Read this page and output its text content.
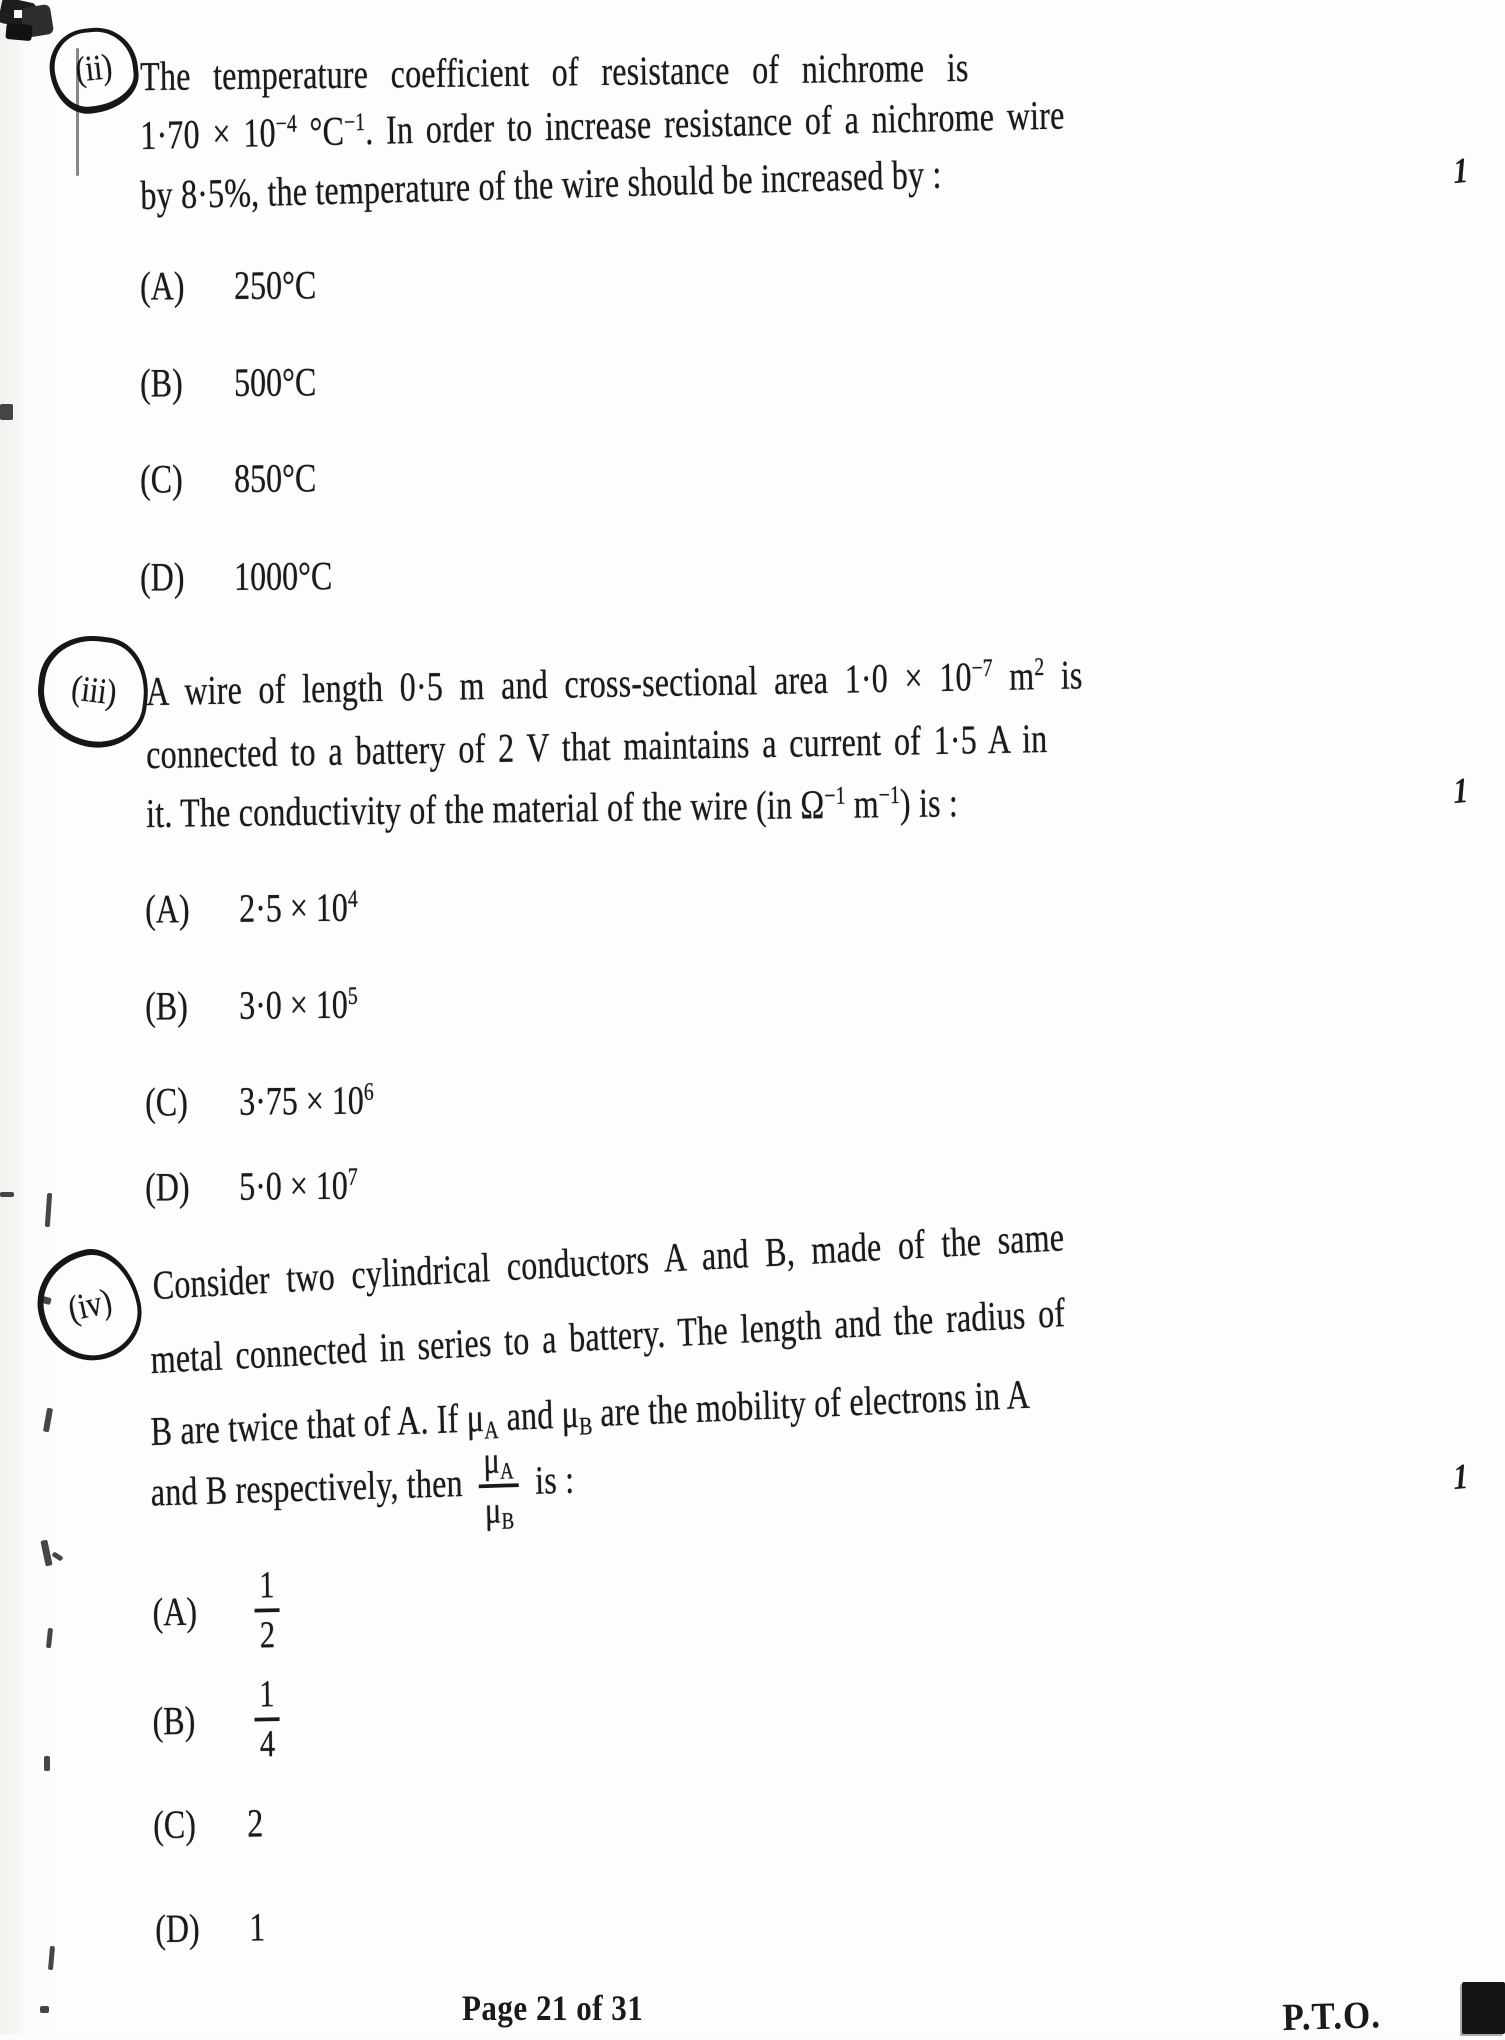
(ii) The temperature coefficient of resistance of nichrome is
$1\cdot 70 \times 10^{-4}$ $^\circ C^{-1}$. In order to increase resistance of a nichrome wire
by 8·5%, the temperature of the wire should be increased by :	1
(A) 250°C
(B) 500°C
(C) 850°C
(D) 1000°C
(iii) A wire of length 0·5 m and cross-sectional area $1\cdot 0 \times 10^{-7}$ $m^2$ is
connected to a battery of 2 V that maintains a current of 1·5 A in
it. The conductivity of the material of the wire (in $\Omega^{-1}$ $m^{-1}$) is :	1
(A) $2\cdot 5 \times 10^4$
(B) $3\cdot 0 \times 10^5$
(C) $3\cdot 75 \times 10^6$
(D) $5\cdot 0 \times 10^7$
(iv) Consider two cylindrical conductors A and B, made of the same
metal connected in series to a battery. The length and the radius of
B are twice that of A. If $\mu_A$ and $\mu_B$ are the mobility of electrons in A
and B respectively, then $\frac{\mu_A}{\mu_B}$ is :	1
(A)	$\frac{1}{2}$
(B)	$\frac{1}{4}$
(C) 2
(D) 1
Page 21 of 31	P.T.O.
